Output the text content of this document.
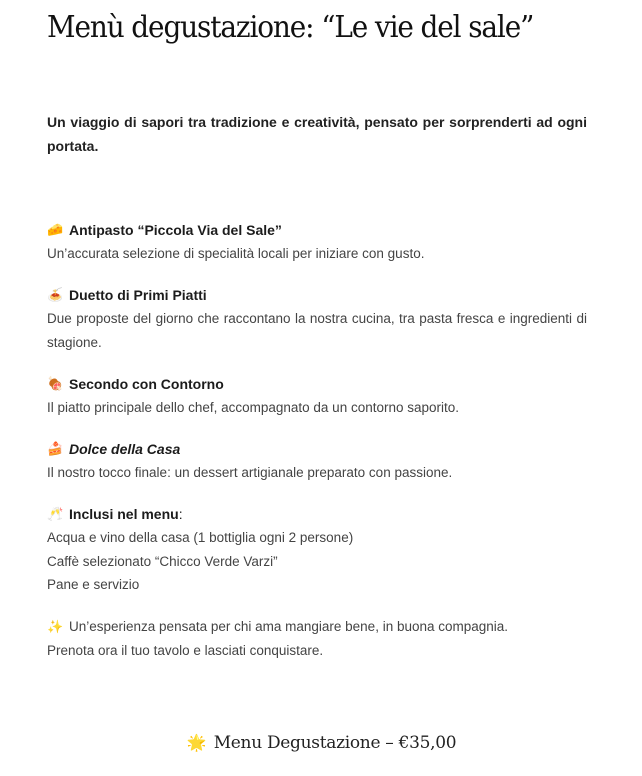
Menù degustazione: “Le vie del sale”

Un viaggio di sapori tra tradizione e creatività, pensato per sorprenderti ad ogni portata.

🧀 Antipasto “Piccola Via del Sale”

Un’accurata selezione di specialità locali per iniziare con gusto.

🍝 Duetto di Primi Piatti

Due proposte del giorno che raccontano la nostra cucina, tra pasta fresca e ingredienti di stagione.

🍖 Secondo con Contorno

Il piatto principale dello chef, accompagnato da un contorno saporito.

🍰 Dolce della Casa

Il nostro tocco finale: un dessert artigianale preparato con passione.

🥂 Inclusi nel menu :

Acqua e vino della casa (1 bottiglia ogni 2 persone)

Caffè selezionato “Chicco Verde Varzi”

Pane e servizio

✨ Un’esperienza pensata per chi ama mangiare bene, in buona compagnia.

Prenota ora il tuo tavolo e lasciati conquistare.

🌟 Menu Degustazione – €35,00
